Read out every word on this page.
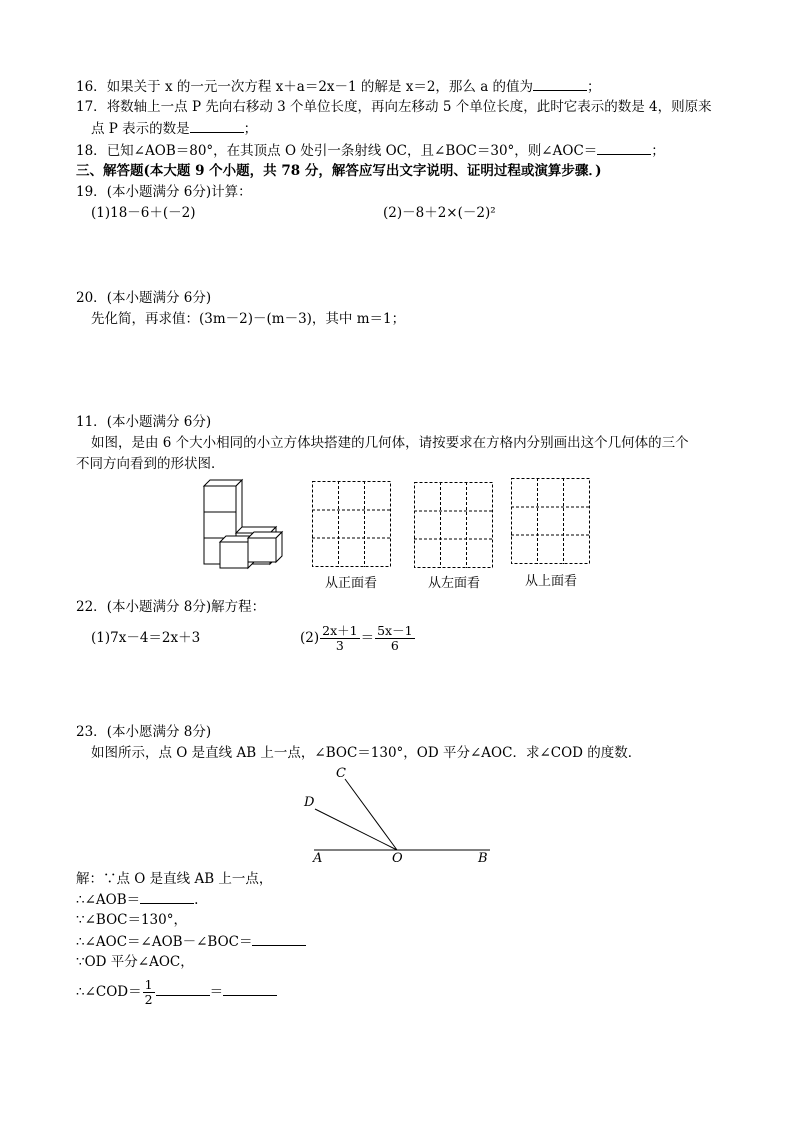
16．如果关于 x 的一元一次方程 x＋a＝2x－1 的解是 x＝2，那么 a 的值为	；
17．将数轴上一点 P 先向右移动 3 个单位长度，再向左移动 5 个单位长度，此时它表示的数是 4，则原来
点 P 表示的数是	；
18．已知∠AOB＝80°，在其顶点 O 处引一条射线 OC，且∠BOC＝30°，则∠AOC＝	；
三、解答题(本大题 9 个小题，共 78 分，解答应写出文字说明、证明过程或演算步骤．)
19．(本小题满分 6分)计算：
(1)18－6＋(－2)	(2)－8＋2×(－2)²
20．(本小题满分 6分)
先化简，再求值：(3m－2)－(m－3)，其中 m＝1；
11．(本小题满分 6分)
如图，是由 6 个大小相同的小立方体块搭建的几何体，请按要求在方格内分别画出这个几何体的三个
不同方向看到的形状图．
从正面看	从左面看	从上面看
22．(本小题满分 8分)解方程：
(1)7x－4＝2x＋3	$(2) \frac{2x+1}{3} = \frac{5x-1}{6}$
23．(本小愿满分 8分)
如图所示，点 O 是直线 AB 上一点，∠BOC＝130°，OD 平分∠AOC．求∠COD 的度数．
C
D
A	O	B
解：∵点 O 是直线 AB 上一点，
∴∠AOB＝	.
∵∠BOC＝130°，
∴∠AOC＝∠AOB－∠BOC＝
∵OD 平分∠AOC，
∴∠COD＝ $\frac{1}{2}$	＝
